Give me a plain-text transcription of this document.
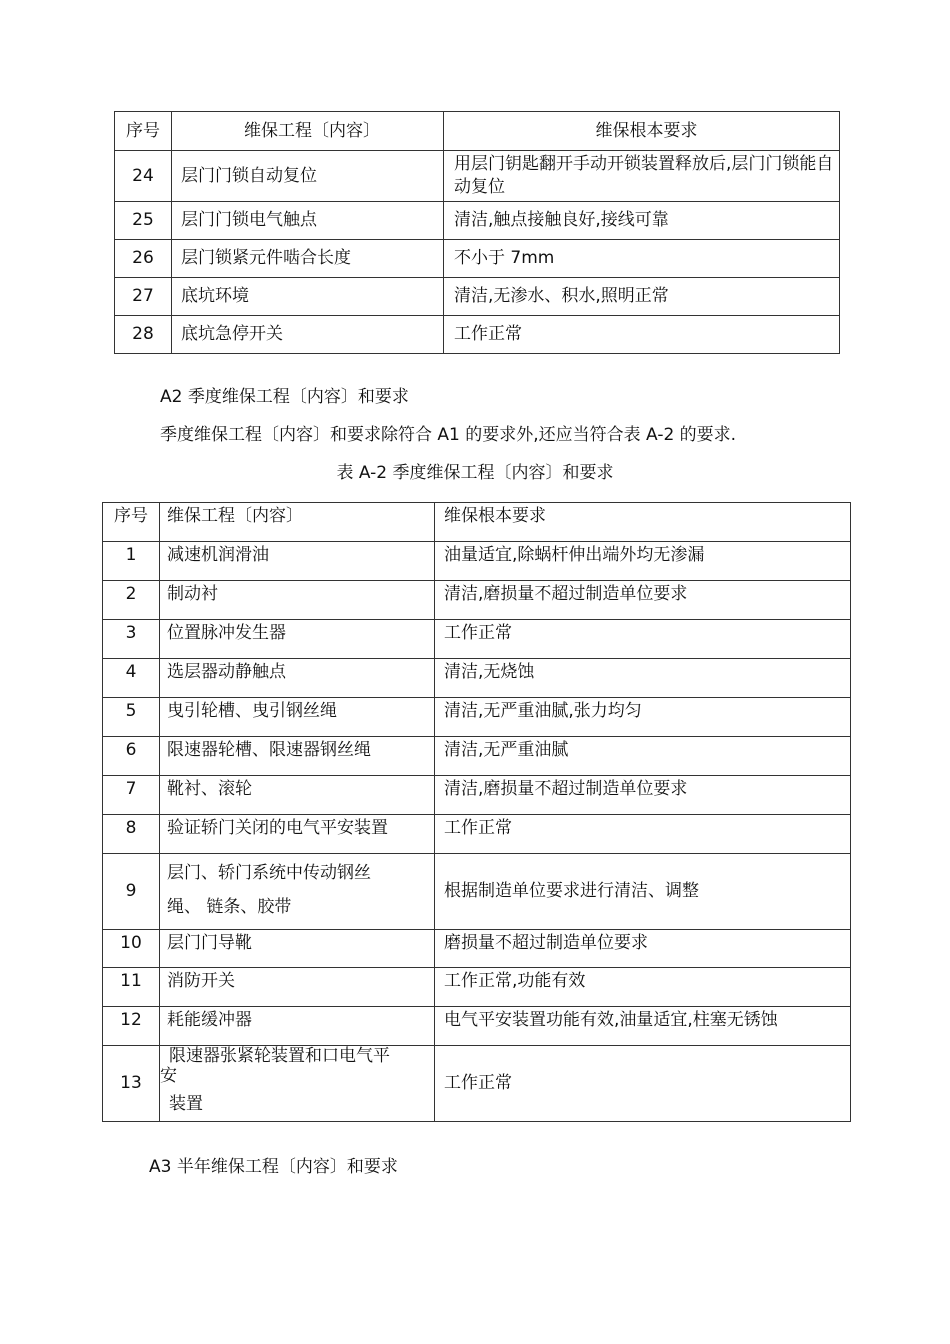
序号	维保工程〔内容〕	维保根本要求
24	层门门锁自动复位	用层门钥匙翻开手动开锁装置释放后,层门门锁能自动复位
25	层门门锁电气触点	清洁,触点接触良好,接线可靠
26	层门锁紧元件啮合长度	不小于 7mm
27	底坑环境	清洁,无渗水、积水,照明正常
28	底坑急停开关	工作正常
A2 季度维保工程〔内容〕和要求
季度维保工程〔内容〕和要求除符合 A1 的要求外,还应当符合表 A-2 的要求.
表 A-2 季度维保工程〔内容〕和要求
序号	维保工程〔内容〕	维保根本要求
1	减速机润滑油	油量适宜,除蜗杆伸出端外均无渗漏
2	制动衬	清洁,磨损量不超过制造单位要求
3	位置脉冲发生器	工作正常
4	选层器动静触点	清洁,无烧蚀
5	曳引轮槽、曳引钢丝绳	清洁,无严重油腻,张力均匀
6	限速器轮槽、限速器钢丝绳	清洁,无严重油腻
7	靴衬、滚轮	清洁,磨损量不超过制造单位要求
8	验证轿门关闭的电气平安装置	工作正常
9	层门、轿门系统中传动钢丝
绳、 链条、胶带	根据制造单位要求进行清洁、调整
10	层门门导靴	磨损量不超过制造单位要求
11	消防开关	工作正常,功能有效
12	耗能缓冲器	电气平安装置功能有效,油量适宜,柱塞无锈蚀
13	限速器张紧轮装置和口电气平
安
装置	工作正常
A3 半年维保工程〔内容〕和要求
